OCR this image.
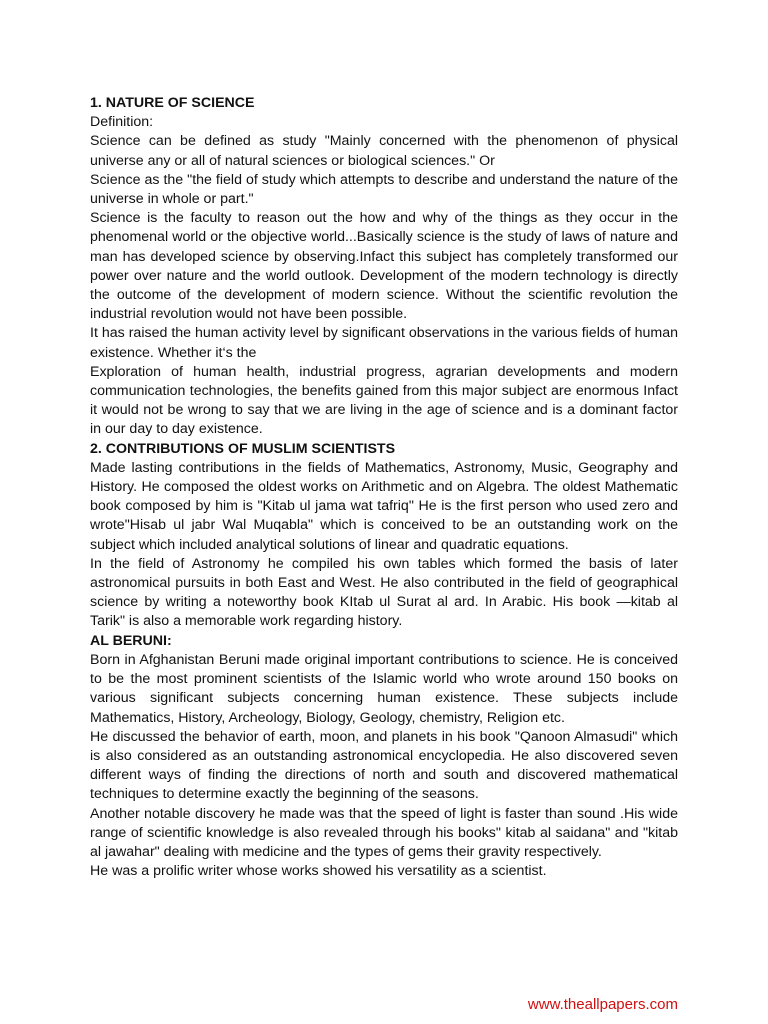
1. NATURE OF SCIENCE

Definition:

Science can be defined as study "Mainly concerned with the phenomenon of physical universe any or all of natural sciences or biological sciences." Or

Science as the "the field of study which attempts to describe and understand the nature of the universe in whole or part."

Science is the faculty to reason out the how and why of the things as they occur in the phenomenal world or the objective world...Basically science is the study of laws of nature and man has developed science by observing.Infact this subject has completely transformed our power over nature and the world outlook. Development of the modern technology is directly the outcome of the development of modern science. Without the scientific revolution the industrial revolution would not have been possible.

It has raised the human activity level by significant observations in the various fields of human existence. Whether it‘s the

Exploration of human health, industrial progress, agrarian developments and modern communication technologies, the benefits gained from this major subject are enormous Infact it would not be wrong to say that we are living in the age of science and is a dominant factor in our day to day existence.

2. CONTRIBUTIONS OF MUSLIM SCIENTISTS

Made lasting contributions in the fields of Mathematics, Astronomy, Music, Geography and History. He composed the oldest works on Arithmetic and on Algebra. The oldest Mathematic book composed by him is "Kitab ul jama wat tafriq" He is the first person who used zero and wrote"Hisab ul jabr Wal Muqabla" which is conceived to be an outstanding work on the subject which included analytical solutions of linear and quadratic equations.

In the field of Astronomy he compiled his own tables which formed the basis of later astronomical pursuits in both East and West. He also contributed in the field of geographical science by writing a noteworthy book KItab ul Surat al ard. In Arabic. His book —kitab al Tarik" is also a memorable work regarding history.

AL BERUNI:

Born in Afghanistan Beruni made original important contributions to science. He is conceived to be the most prominent scientists of the Islamic world who wrote around 150 books on various significant subjects concerning human existence. These subjects include Mathematics, History, Archeology, Biology, Geology, chemistry, Religion etc.

He discussed the behavior of earth, moon, and planets in his book "Qanoon Almasudi" which is also considered as an outstanding astronomical encyclopedia. He also discovered seven different ways of finding the directions of north and south and discovered mathematical techniques to determine exactly the beginning of the seasons.

Another notable discovery he made was that the speed of light is faster than sound .His wide range of scientific knowledge is also revealed through his books" kitab al saidana" and "kitab al jawahar" dealing with medicine and the types of gems their gravity respectively.

He was a prolific writer whose works showed his versatility as a scientist.

www.theallpapers.com
